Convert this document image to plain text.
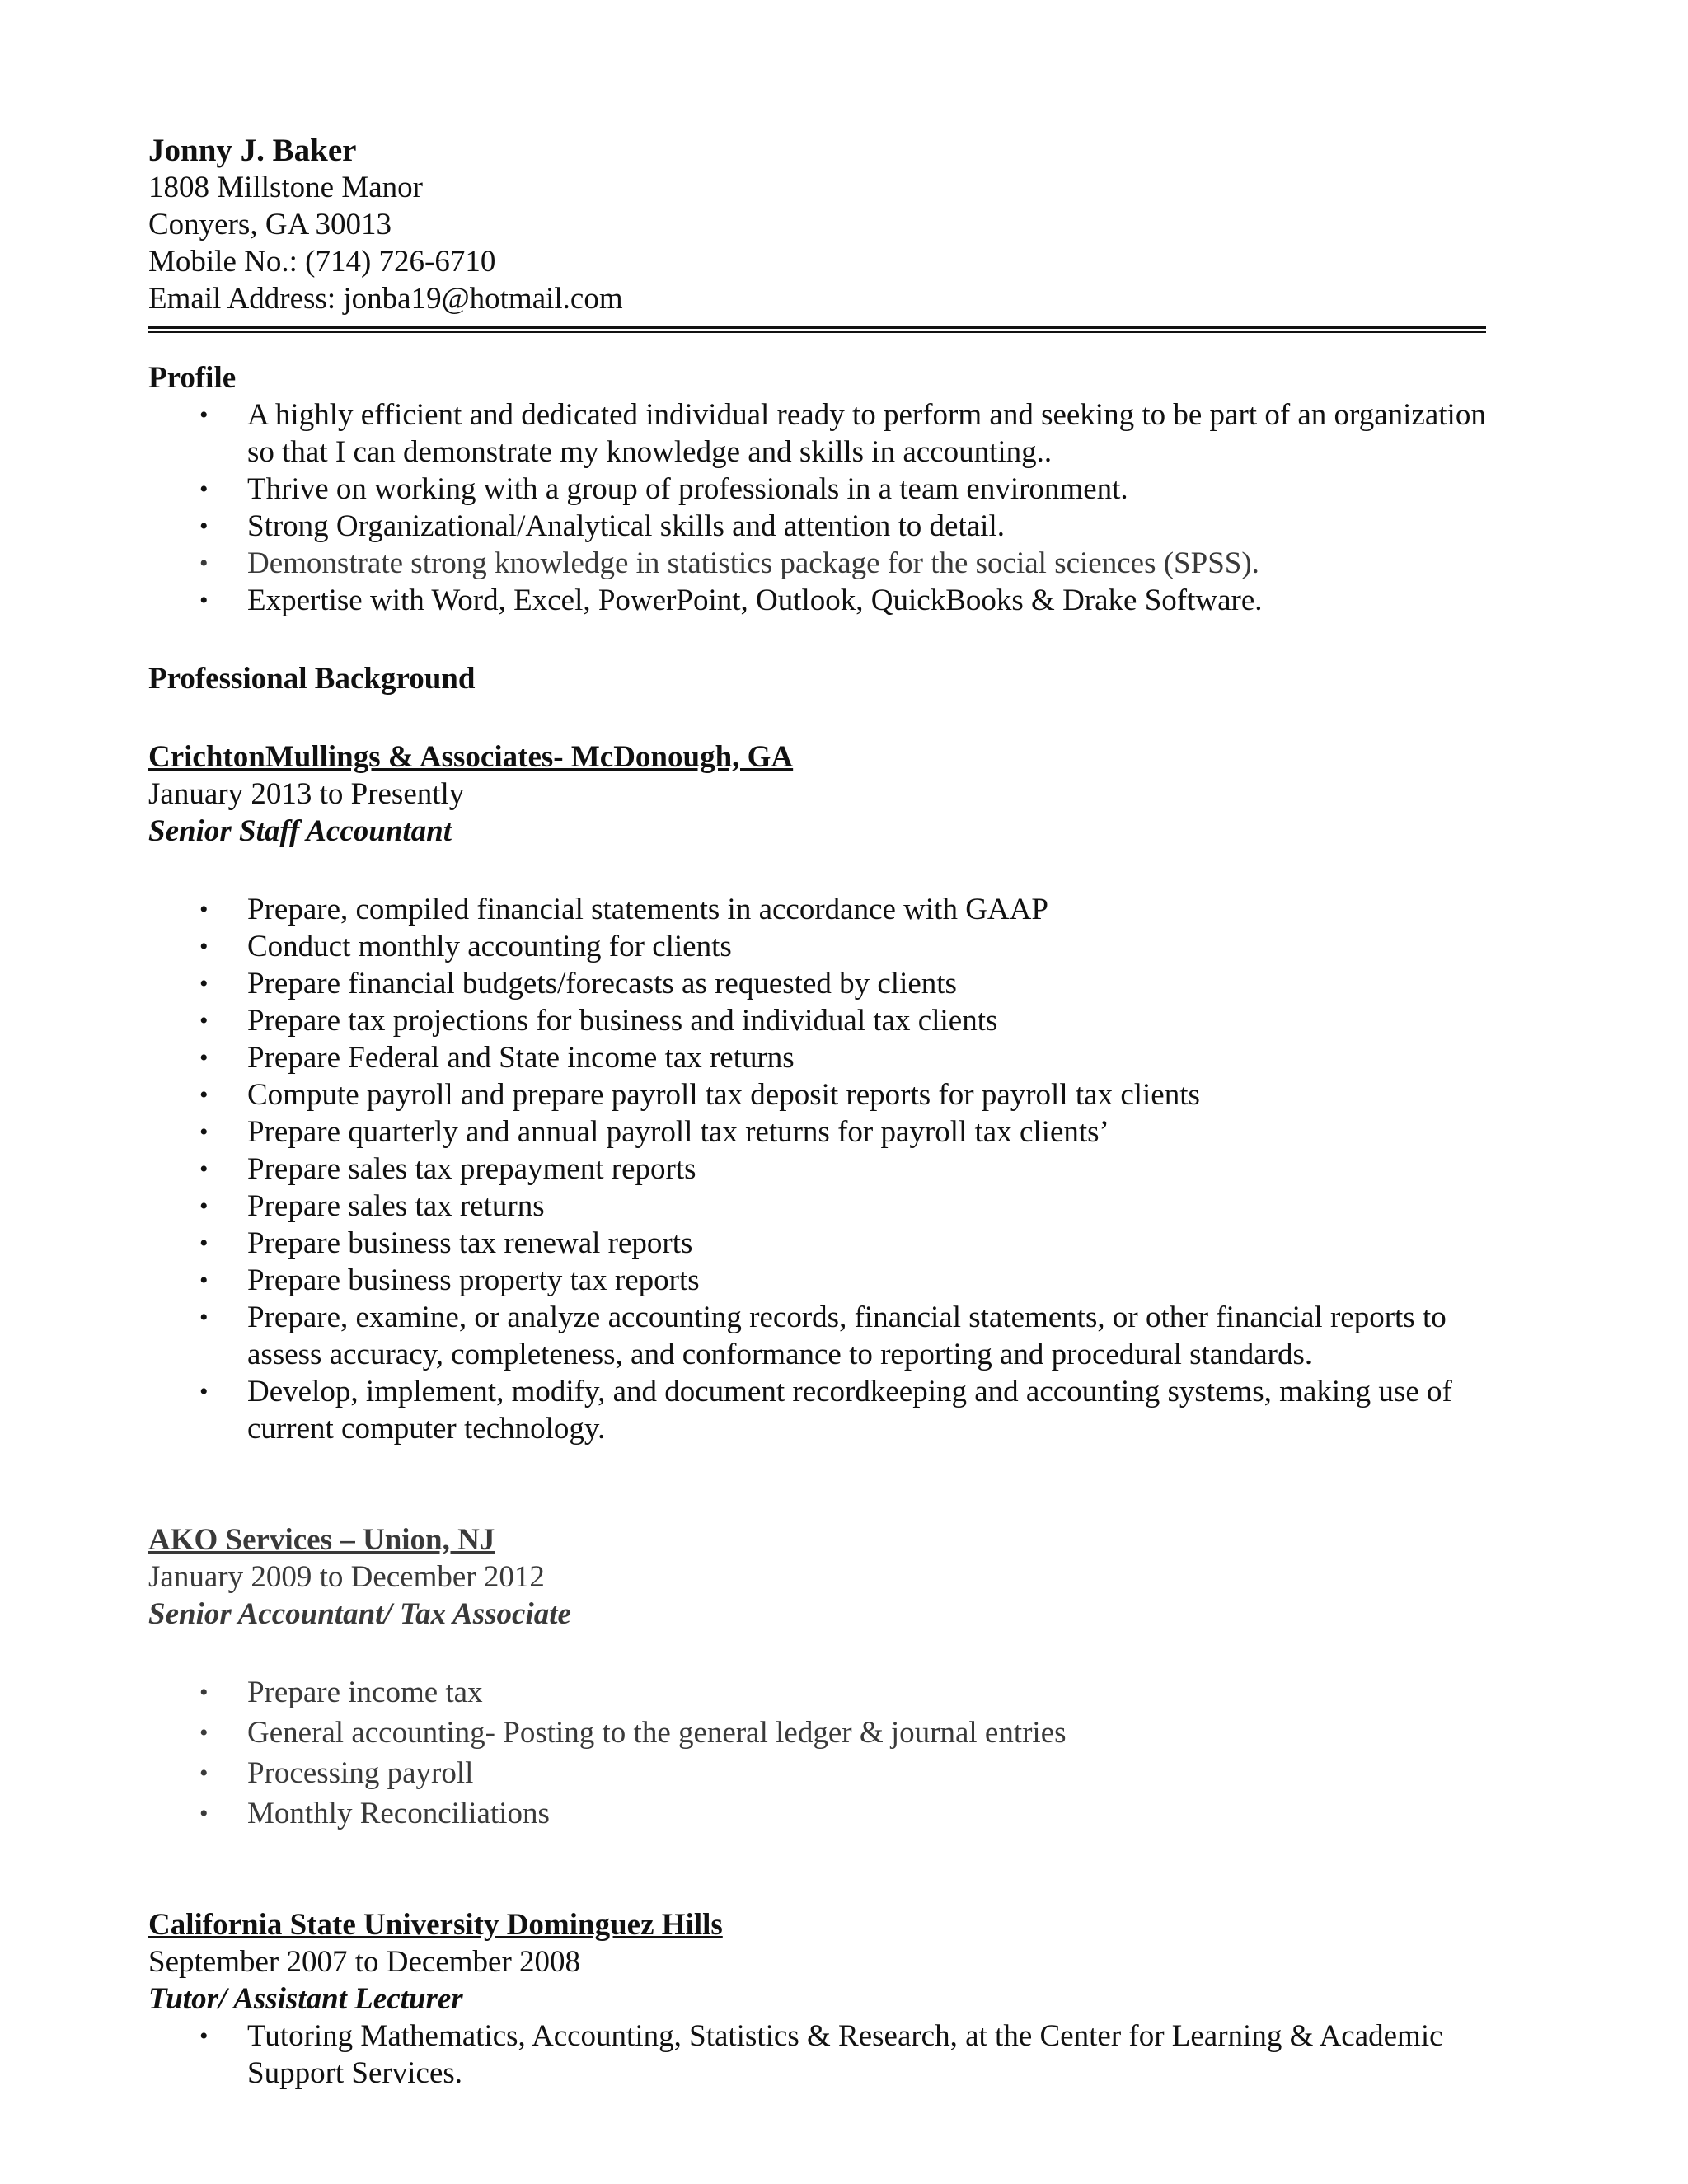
Jonny J. Baker
1808 Millstone Manor
Conyers, GA 30013
Mobile No.: (714) 726-6710
Email Address: jonba19@hotmail.com
Profile
• A highly efficient and dedicated individual ready to perform and seeking to be part of an organization so that I can demonstrate my knowledge and skills in accounting..
• Thrive on working with a group of professionals in a team environment.
• Strong Organizational/Analytical skills and attention to detail.
• Demonstrate strong knowledge in statistics package for the social sciences (SPSS).
• Expertise with Word, Excel, PowerPoint, Outlook, QuickBooks & Drake Software.
Professional Background
CrichtonMullings & Associates- McDonough, GA
January 2013 to Presently
Senior Staff Accountant
• Prepare, compiled financial statements in accordance with GAAP
• Conduct monthly accounting for clients
• Prepare financial budgets/forecasts as requested by clients
• Prepare tax projections for business and individual tax clients
• Prepare Federal and State income tax returns
• Compute payroll and prepare payroll tax deposit reports for payroll tax clients
• Prepare quarterly and annual payroll tax returns for payroll tax clients’
• Prepare sales tax prepayment reports
• Prepare sales tax returns
• Prepare business tax renewal reports
• Prepare business property tax reports
• Prepare, examine, or analyze accounting records, financial statements, or other financial reports to assess accuracy, completeness, and conformance to reporting and procedural standards.
• Develop, implement, modify, and document recordkeeping and accounting systems, making use of current computer technology.
AKO Services – Union, NJ
January 2009 to December 2012
Senior Accountant/ Tax Associate
• Prepare income tax
• General accounting- Posting to the general ledger & journal entries
• Processing payroll
• Monthly Reconciliations
California State University Dominguez Hills
September 2007 to December 2008
Tutor/ Assistant Lecturer
• Tutoring Mathematics, Accounting, Statistics & Research, at the Center for Learning & Academic Support Services.
